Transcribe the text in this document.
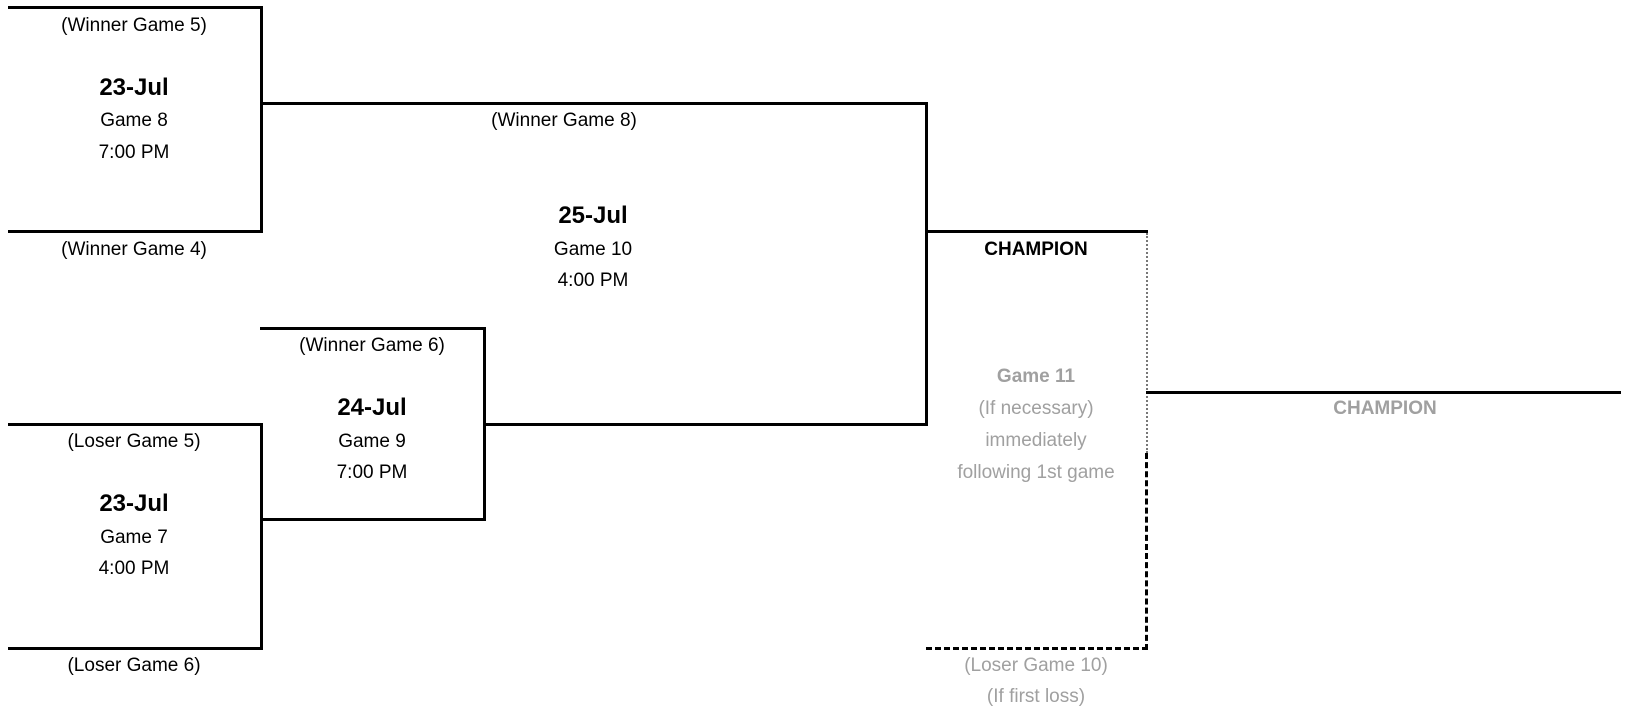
(Winner Game 5)
23-Jul
Game 8
7:00 PM
(Winner Game 4)
(Winner Game 8)
25-Jul
Game 10
4:00 PM
(Winner Game 6)
24-Jul
Game 9
7:00 PM
(Loser Game 5)
23-Jul
Game 7
4:00 PM
(Loser Game 6)
CHAMPION
Game 11
(If necessary)
immediately
following 1st game
(Loser Game 10)
(If first loss)
CHAMPION
